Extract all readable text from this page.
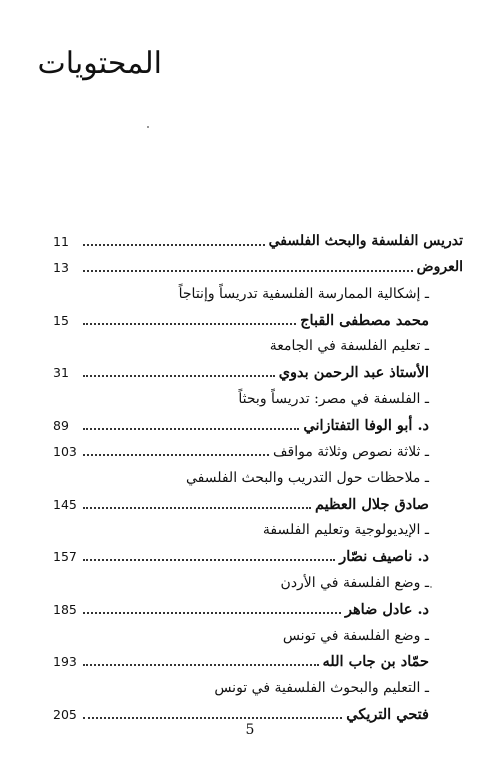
المحتويات
تدريس الفلسفة والبحث الفلسفي
11
العروض
13
ـ إشكالية الممارسة الفلسفية تدريساً وإنتاجاً
محمد مصطفى القباج
15
ـ تعليم الفلسفة في الجامعة
الأستاذ عبد الرحمن بدوي
31
ـ الفلسفة في مصر: تدريساً وبحثاً
د. أبو الوفا التفتازاني
89
ـ ثلاثة نصوص وثلاثة مواقف
103
ـ ملاحظات حول التدريب والبحث الفلسفي
صادق جلال العظيم
145
ـ الإيديولوجية وتعليم الفلسفة
د. ناصيف نصّار
157
ـ وضع الفلسفة في الأردن
د. عادل ضاهر
185
ـ وضع الفلسفة في تونس
حمّاد بن جاب الله
193
ـ التعليم والبحوث الفلسفية في تونس
فتحي التريكي
205
5
